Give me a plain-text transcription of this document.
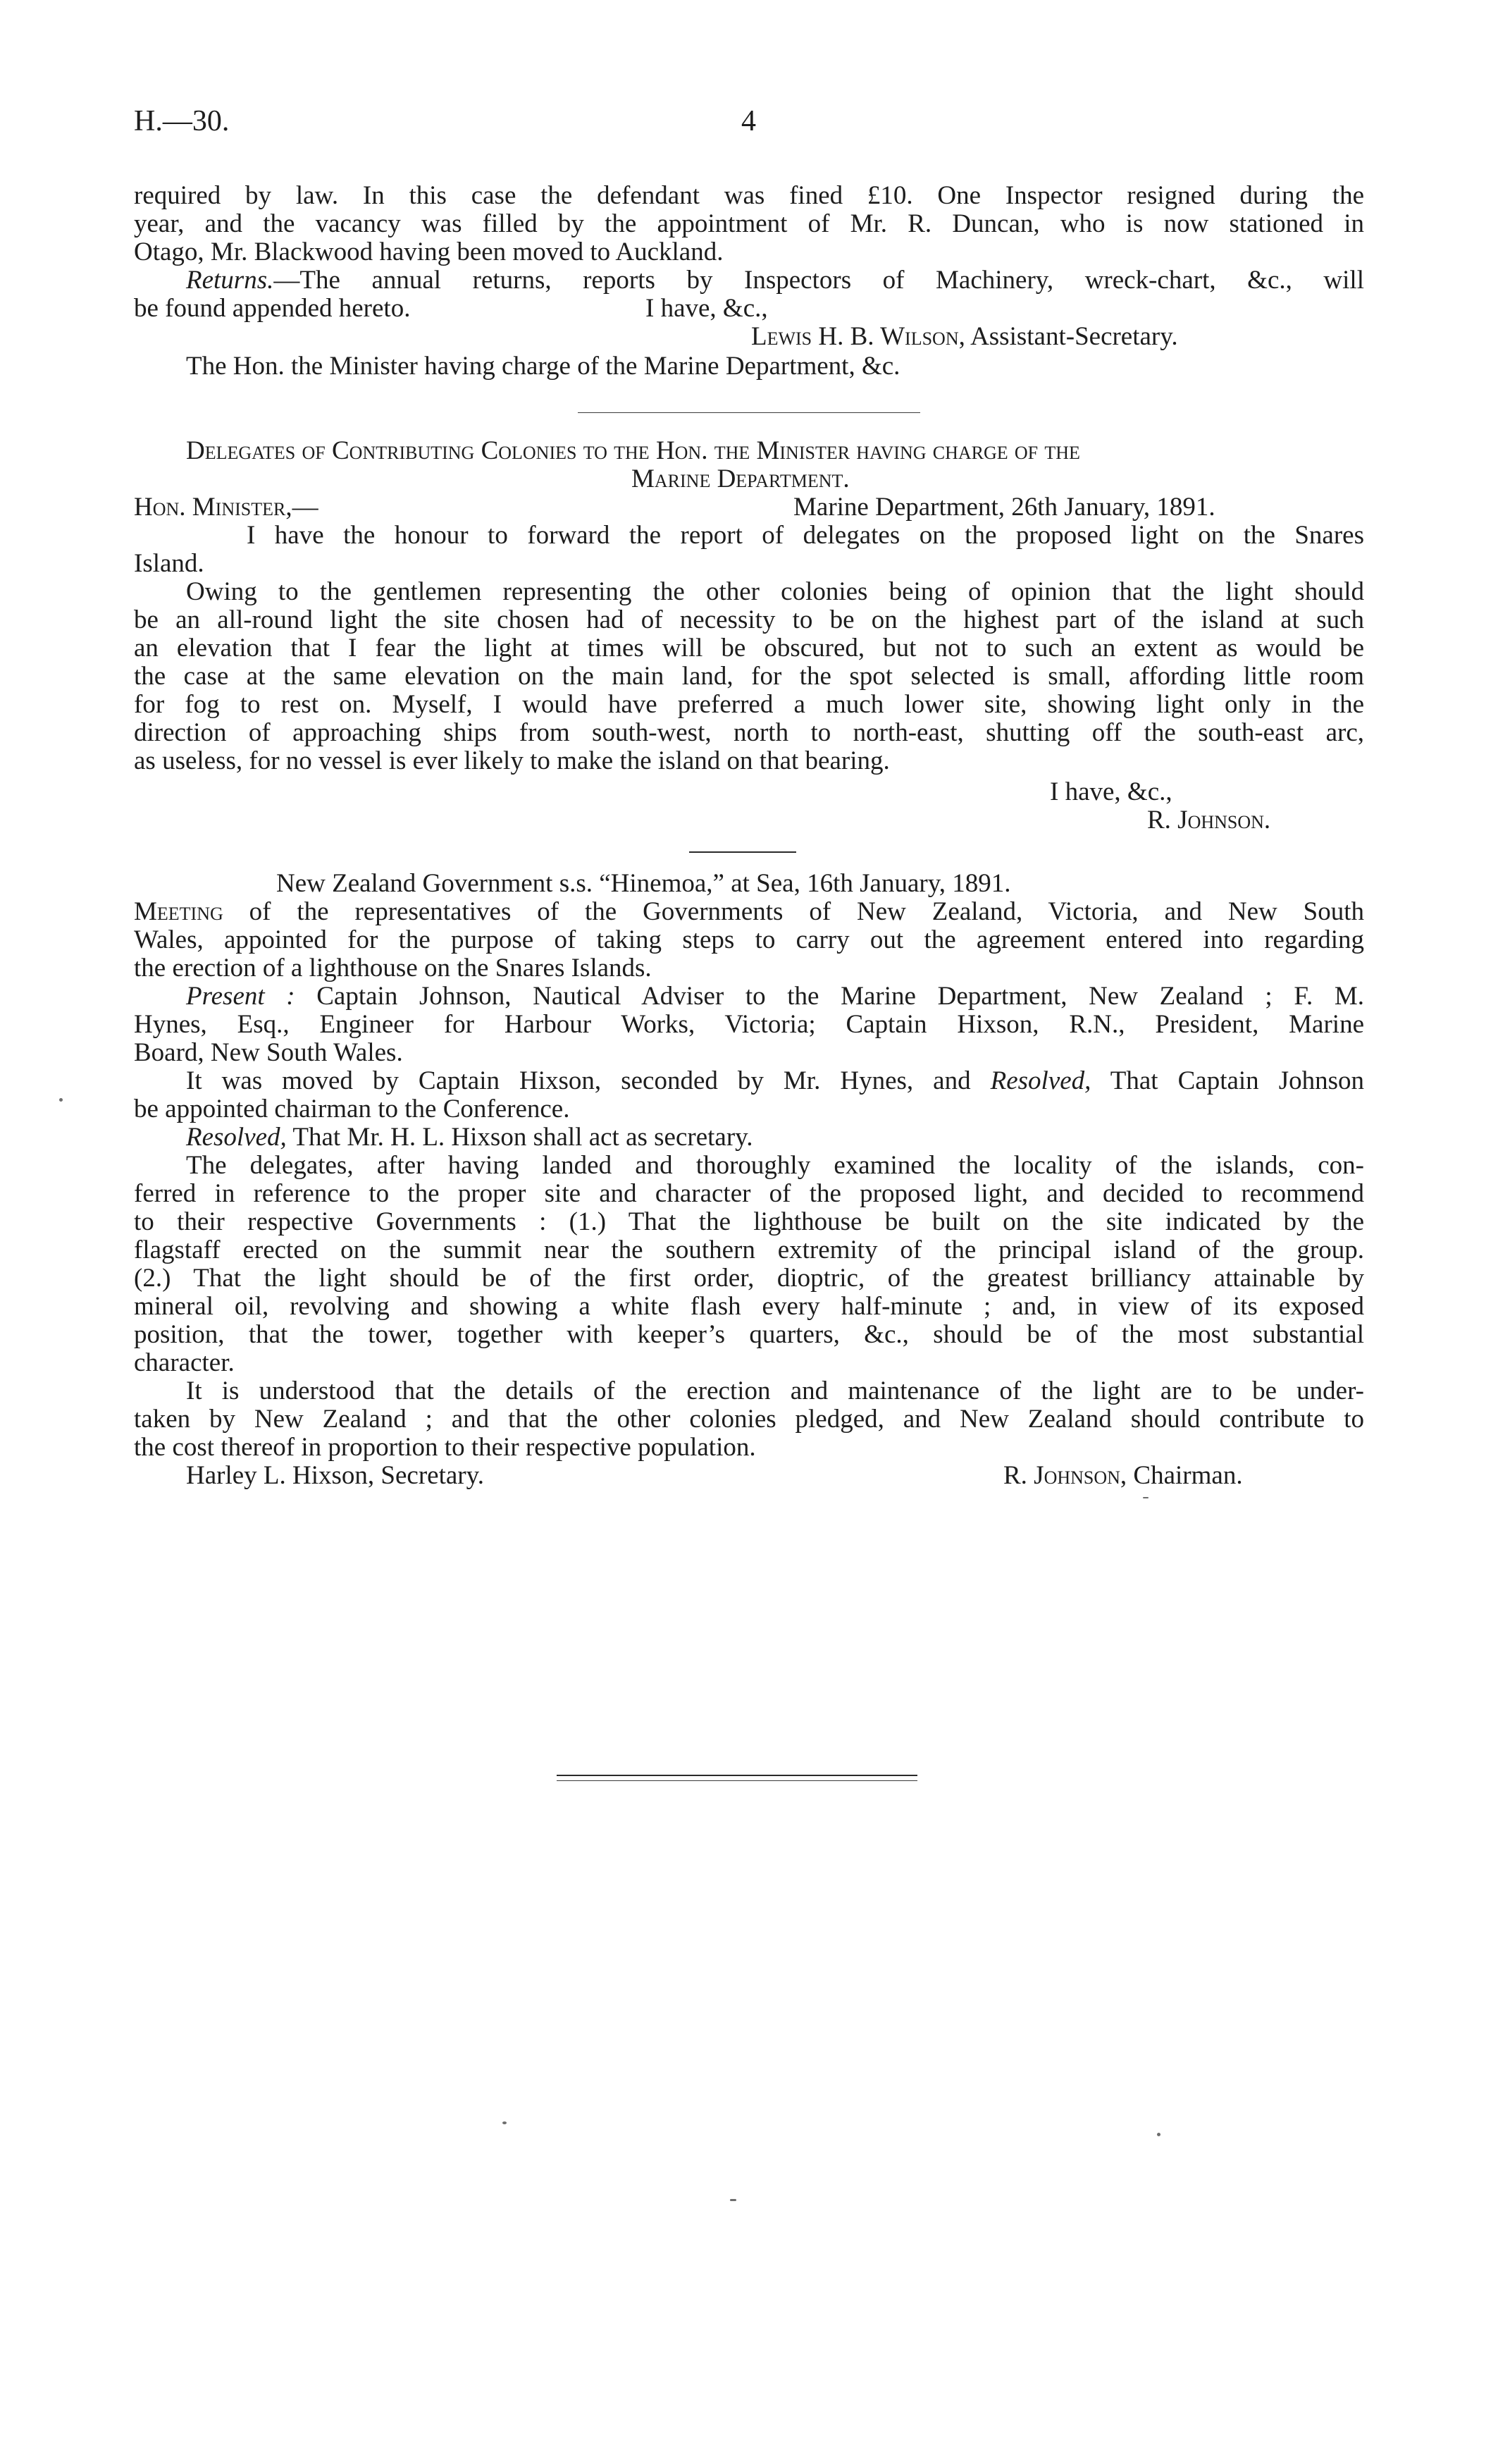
H.—30.	4
required by law. In this case the defendant was fined £10. One Inspector resigned during the
year, and the vacancy was filled by the appointment of Mr. R. Duncan, who is now stationed in
Otago, Mr. Blackwood having been moved to Auckland.
Returns.—The annual returns, reports by Inspectors of Machinery, wreck-chart, &c., will
be found appended hereto.	I have, &c.,
Lewis H. B. Wilson, Assistant-Secretary.
The Hon. the Minister having charge of the Marine Department, &c.
Delegates of Contributing Colonies to the Hon. the Minister having charge of the
Marine Department.
Hon. Minister,—	Marine Department, 26th January, 1891.
I have the honour to forward the report of delegates on the proposed light on the Snares
Island.
Owing to the gentlemen representing the other colonies being of opinion that the light should
be an all-round light the site chosen had of necessity to be on the highest part of the island at such
an elevation that I fear the light at times will be obscured, but not to such an extent as would be
the case at the same elevation on the main land, for the spot selected is small, affording little room
for fog to rest on. Myself, I would have preferred a much lower site, showing light only in the
direction of approaching ships from south-west, north to north-east, shutting off the south-east arc,
as useless, for no vessel is ever likely to make the island on that bearing.
I have, &c.,
R. Johnson.
New Zealand Government s.s. “Hinemoa,” at Sea, 16th January, 1891.
Meeting of the representatives of the Governments of New Zealand, Victoria, and New South
Wales, appointed for the purpose of taking steps to carry out the agreement entered into regarding
the erection of a lighthouse on the Snares Islands.
Present : Captain Johnson, Nautical Adviser to the Marine Department, New Zealand ; F. M.
Hynes, Esq., Engineer for Harbour Works, Victoria; Captain Hixson, R.N., President, Marine
Board, New South Wales.
It was moved by Captain Hixson, seconded by Mr. Hynes, and Resolved, That Captain Johnson
be appointed chairman to the Conference.
Resolved, That Mr. H. L. Hixson shall act as secretary.
The delegates, after having landed and thoroughly examined the locality of the islands, con-
ferred in reference to the proper site and character of the proposed light, and decided to recommend
to their respective Governments : (1.) That the lighthouse be built on the site indicated by the
flagstaff erected on the summit near the southern extremity of the principal island of the group.
(2.) That the light should be of the first order, dioptric, of the greatest brilliancy attainable by
mineral oil, revolving and showing a white flash every half-minute ; and, in view of its exposed
position, that the tower, together with keeper’s quarters, &c., should be of the most substantial
character.
It is understood that the details of the erection and maintenance of the light are to be under-
taken by New Zealand ; and that the other colonies pledged, and New Zealand should contribute to
the cost thereof in proportion to their respective population.
Harley L. Hixson, Secretary.	R. Johnson, Chairman.
